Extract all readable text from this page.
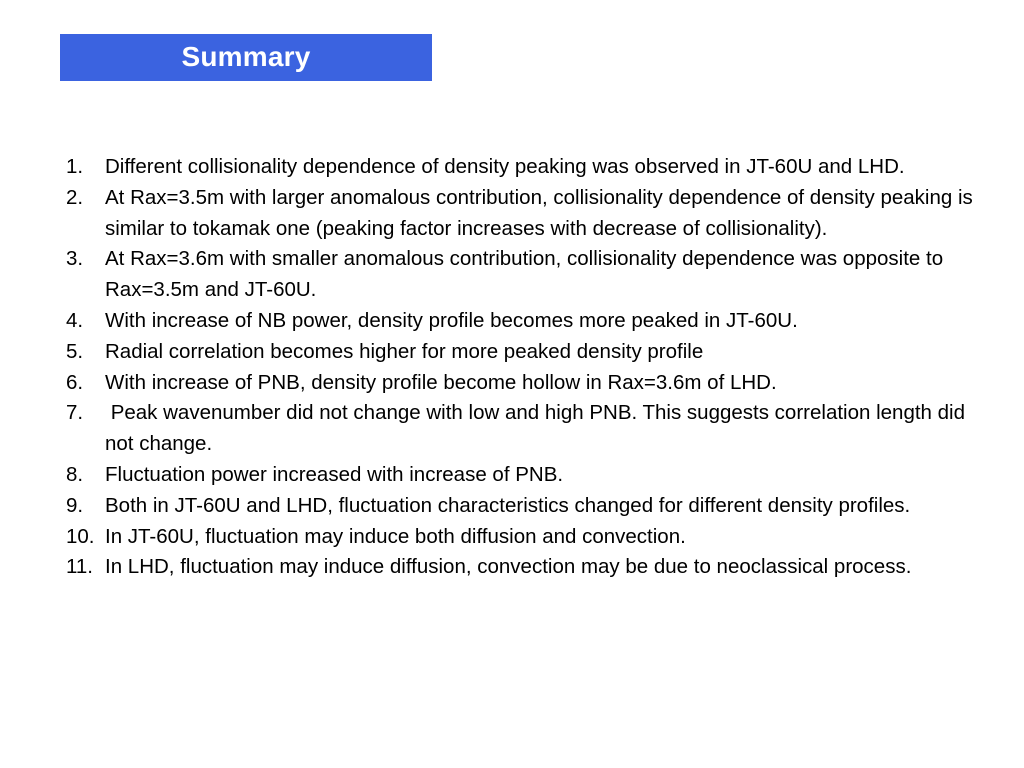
Summary
1.	Different collisionality dependence of density peaking was observed in JT-60U and LHD.
2.	At Rax=3.5m with larger anomalous contribution, collisionality dependence of density peaking is similar to tokamak one (peaking factor increases with decrease of collisionality).
3.	At Rax=3.6m with smaller anomalous contribution, collisionality dependence was opposite to Rax=3.5m and JT-60U.
4.	With increase of NB power, density profile becomes more peaked in JT-60U.
5.	Radial correlation becomes higher for more peaked density profile
6.	With increase of PNB, density profile become hollow in Rax=3.6m of LHD.
7.	Peak wavenumber did not change with low and high PNB. This suggests correlation length did not change.
8.	Fluctuation power increased with increase of PNB.
9.	Both in JT-60U and LHD, fluctuation characteristics changed for different density profiles.
10. In JT-60U, fluctuation may induce both diffusion and convection.
11. In LHD, fluctuation may induce diffusion, convection may be due to neoclassical process.
